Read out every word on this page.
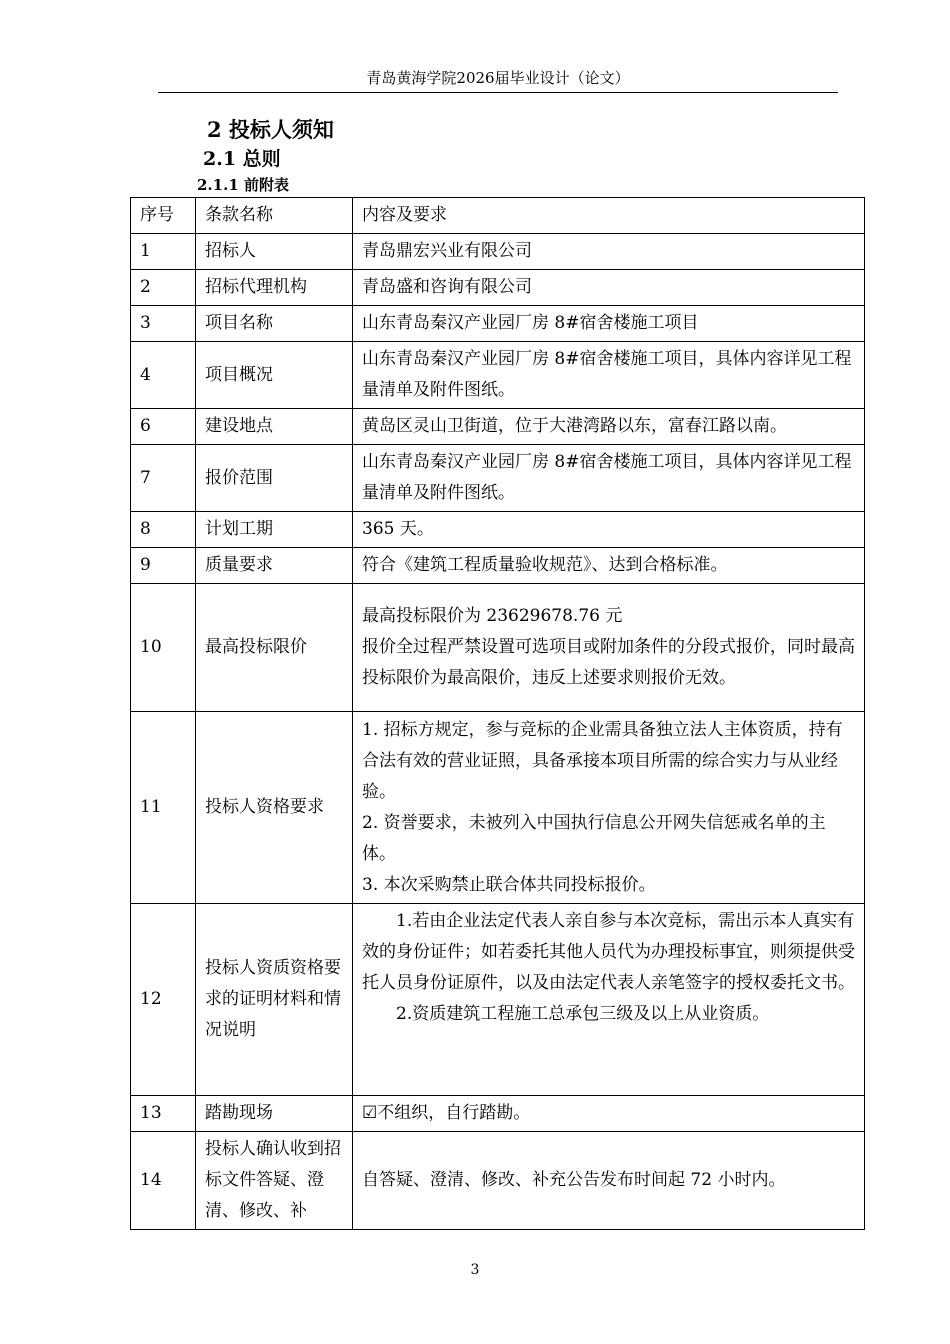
青岛黄海学院2026届毕业设计（论文）
2 投标人须知
2.1 总则
2.1.1 前附表
序号	条款名称	内容及要求
1	招标人	青岛鼎宏兴业有限公司

2	招标代理机构	青岛盛和咨询有限公司

3	项目名称	山东青岛秦汉产业园厂房 8#宿舍楼施工项目

4	项目概况	山东青岛秦汉产业园厂房 8#宿舍楼施工项目，具体内容详见工程量清单及附件图纸。

6	建设地点	黄岛区灵山卫街道，位于大港湾路以东，富春江路以南。

7	报价范围	山东青岛秦汉产业园厂房 8#宿舍楼施工项目，具体内容详见工程量清单及附件图纸。

8	计划工期	365 天。

9	质量要求	符合《建筑工程质量验收规范》、达到合格标准。

10	最高投标限价	最高投标限价为 23629678.76 元

报价全过程严禁设置可选项目或附加条件的分段式报价，同时最高投标限价为最高限价，违反上述要求则报价无效。

11	投标人资格要求	1. 招标方规定，参与竞标的企业需具备独立法人主体资质，持有合法有效的营业证照，具备承接本项目所需的综合实力与从业经验。

2. 资誉要求，未被列入中国执行信息公开网失信惩戒名单的主体。

3. 本次采购禁止联合体共同投标报价。

12	投标人资质资格要求的证明材料和情况说明	1.若由企业法定代表人亲自参与本次竞标，需出示本人真实有效的身份证件；如若委托其他人员代为办理投标事宜，则须提供受托人员身份证原件，以及由法定代表人亲笔签字的授权委托文书。

2.资质建筑工程施工总承包三级及以上从业资质。

13	踏勘现场	☑不组织，自行踏勘。

14	投标人确认收到招标文件答疑、澄清、修改、补	自答疑、澄清、修改、补充公告发布时间起 72 小时内。

3
